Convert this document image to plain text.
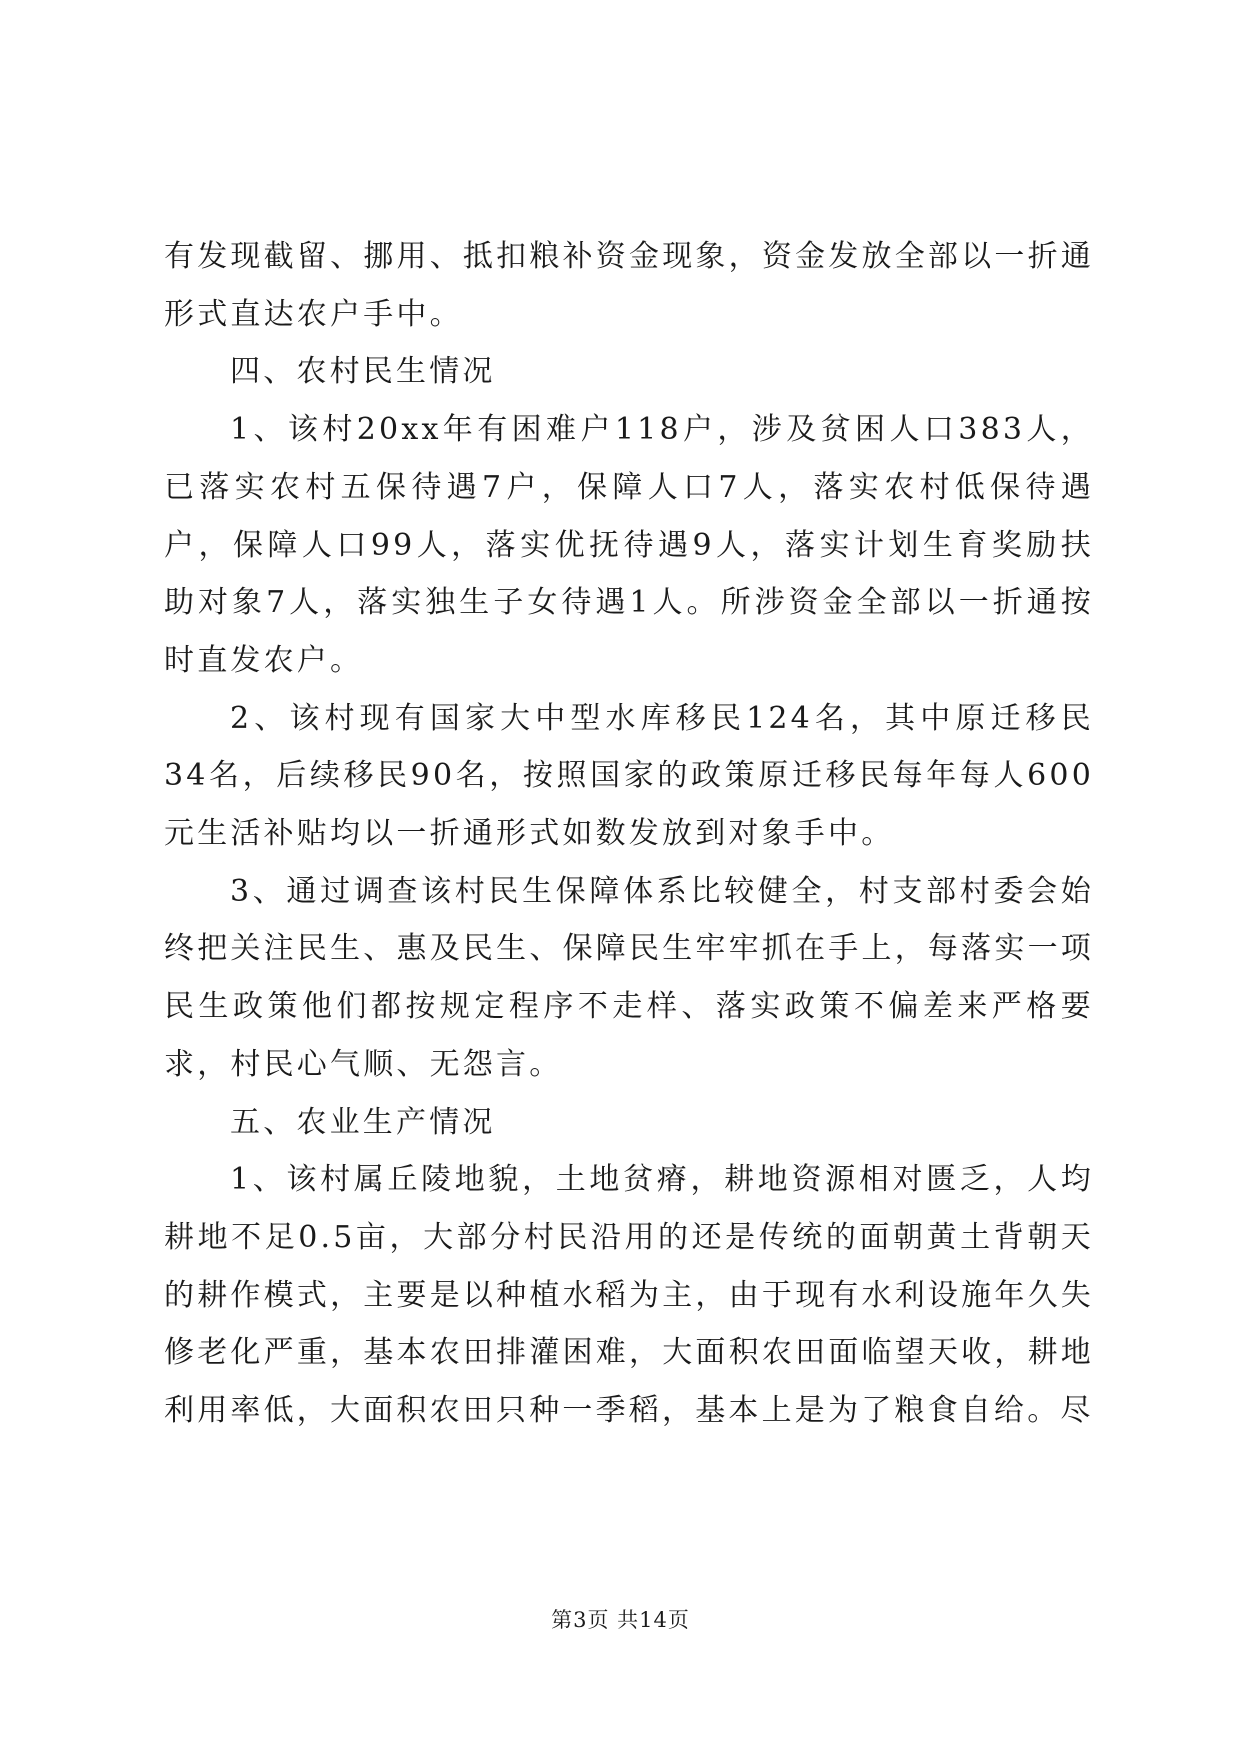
有发现截留、挪用、抵扣粮补资金现象，资金发放全部以一折通形式直达农户手中。

四、农村民生情况

1、该村20xx年有困难户118户，涉及贫困人口383人，已落实农村五保待遇7户，保障人口7人，落实农村低保待遇户，保障人口99人，落实优抚待遇9人，落实计划生育奖励扶助对象7人，落实独生子女待遇1人。所涉资金全部以一折通按时直发农户。

2、该村现有国家大中型水库移民124名，其中原迁移民34名，后续移民90名，按照国家的政策原迁移民每年每人600元生活补贴均以一折通形式如数发放到对象手中。

3、通过调查该村民生保障体系比较健全，村支部村委会始终把关注民生、惠及民生、保障民生牢牢抓在手上，每落实一项民生政策他们都按规定程序不走样、落实政策不偏差来严格要求，村民心气顺、无怨言。

五、农业生产情况

1、该村属丘陵地貌，土地贫瘠，耕地资源相对匮乏，人均耕地不足0.5亩，大部分村民沿用的还是传统的面朝黄土背朝天的耕作模式，主要是以种植水稻为主，由于现有水利设施年久失修老化严重，基本农田排灌困难，大面积农田面临望天收，耕地利用率低，大面积农田只种一季稻，基本上是为了粮食自给。尽

第3页 共14页
